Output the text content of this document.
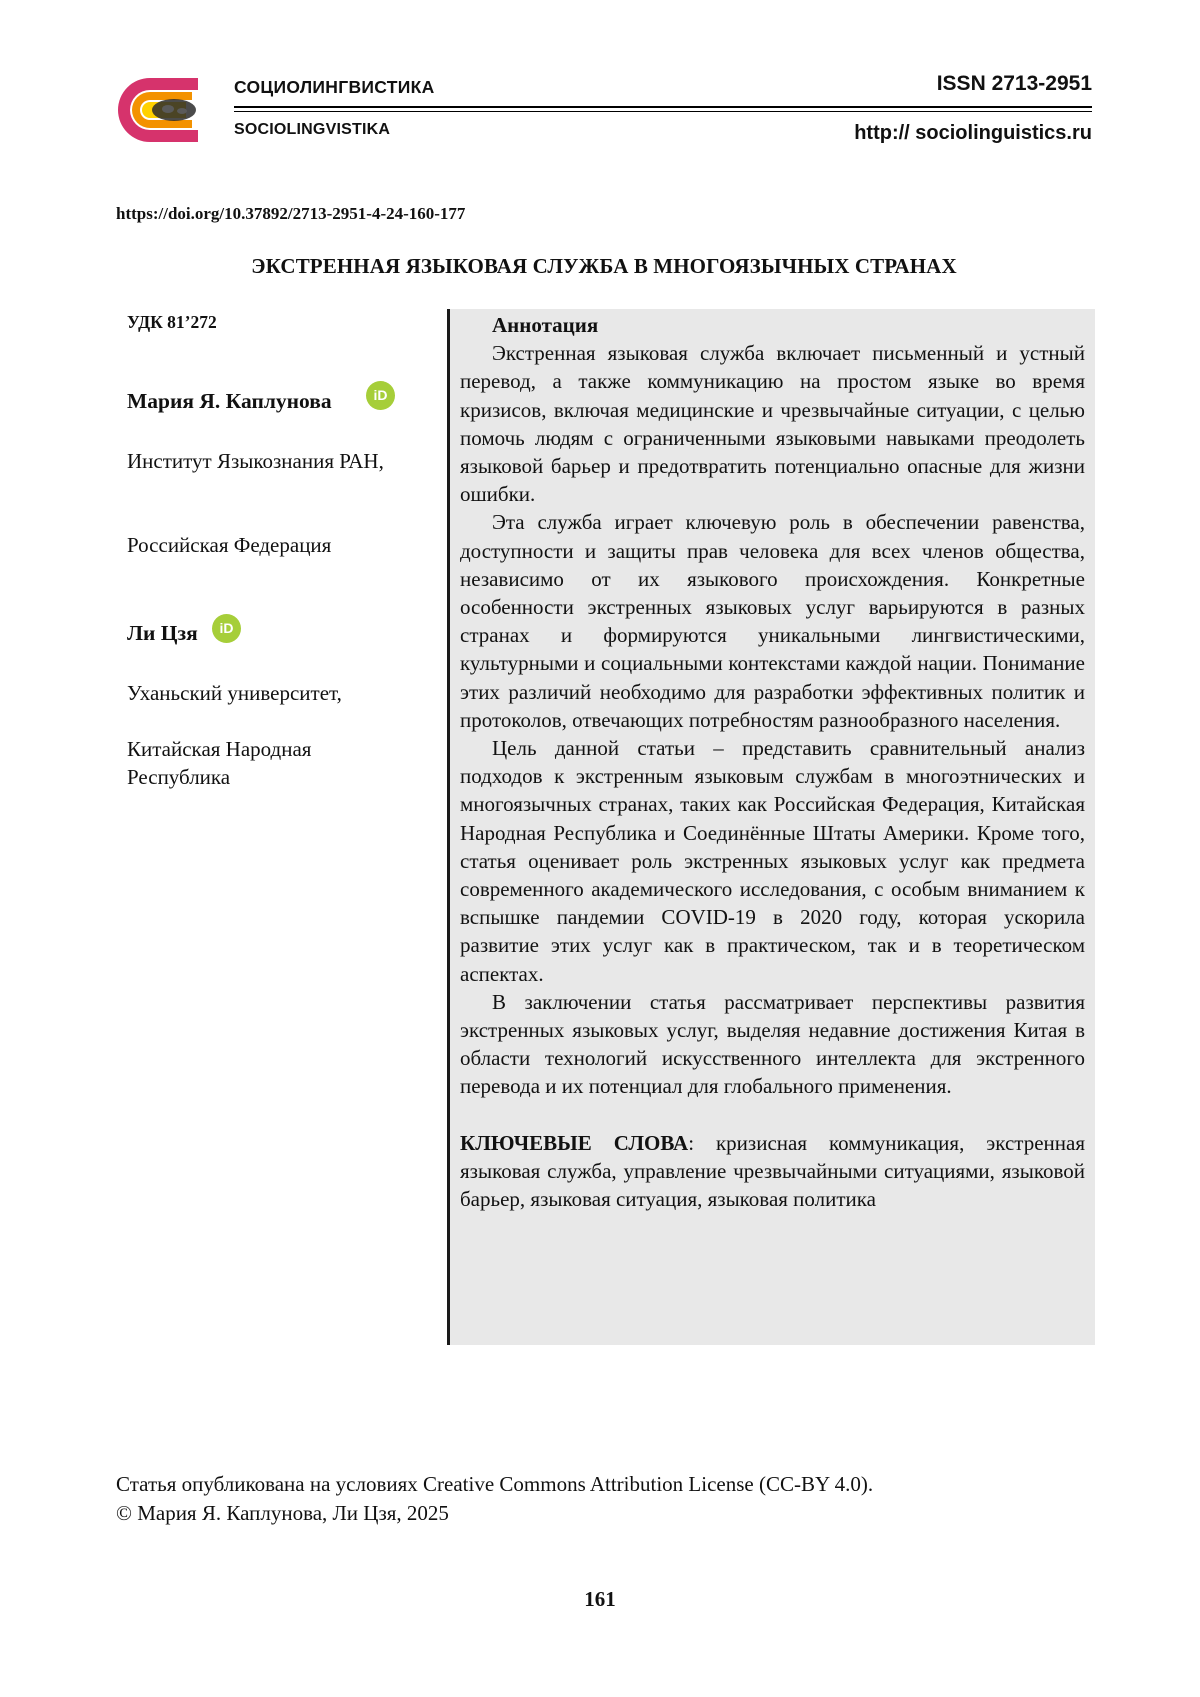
СОЦИОЛИНГВИСТИКА
SOCIOLINGVISTIKA
ISSN 2713-2951
http:// sociolinguistics.ru
https://doi.org/10.37892/2713-2951-4-24-160-177
ЭКСТРЕННАЯ ЯЗЫКОВАЯ СЛУЖБА В МНОГОЯЗЫЧНЫХ СТРАНАХ
УДК 81’272
Мария Я. Каплунова	iD
Институт Языкознания РАН,
Российская Федерация
Ли Цзя	iD
Уханьский университет,
Китайская Народная Республика
Аннотация

Экстренная языковая служба включает письменный и устный перевод, а также коммуникацию на простом языке во время кризисов, включая медицинские и чрезвычайные ситуации, с целью помочь людям с ограниченными языковыми навыками преодолеть языковой барьер и предотвратить потенциально опасные для жизни ошибки.

Эта служба играет ключевую роль в обеспечении равенства, доступности и защиты прав человека для всех членов общества, независимо от их языкового происхождения. Конкретные особенности экстренных языковых услуг варьируются в разных странах и формируются уникальными лингвистическими, культурными и социальными контекстами каждой нации. Понимание этих различий необходимо для разработки эффективных политик и протоколов, отвечающих потребностям разнообразного населения.

Цель данной статьи – представить сравнительный анализ подходов к экстренным языковым службам в многоэтнических и многоязычных странах, таких как Российская Федерация, Китайская Народная Республика и Соединённые Штаты Америки. Кроме того, статья оценивает роль экстренных языковых услуг как предмета современного академического исследования, с особым вниманием к вспышке пандемии COVID-19 в 2020 году, которая ускорила развитие этих услуг как в практическом, так и в теоретическом аспектах.

В заключении статья рассматривает перспективы развития экстренных языковых услуг, выделяя недавние достижения Китая в области технологий искусственного интеллекта для экстренного перевода и их потенциал для глобального применения.

КЛЮЧЕВЫЕ СЛОВА: кризисная коммуникация, экстренная языковая служба, управление чрезвычайными ситуациями, языковой барьер, языковая ситуация, языковая политика
Статья опубликована на условиях Creative Commons Attribution License (CC-BY 4.0).
© Мария Я. Каплунова, Ли Цзя, 2025
161
